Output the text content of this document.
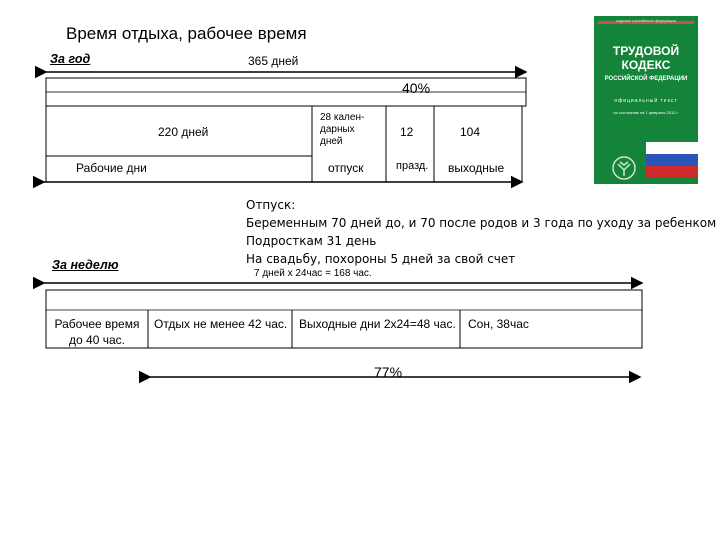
Время отдыха, рабочее время
За год	365 дней
40%
220 дней
Рабочие дни
28 кален-
дарных
дней
отпуск
12
празд.
104
выходные
Отпуск:
Беременным 70 дней до, и 70 после родов и 3 года по уходу за ребенком
Подросткам 31 день
На свадьбу, похороны 5 дней за свой счет
За неделю
7 дней х 24час = 168 час.
Рабочее время
до 40 час.
Отдых не менее 42 час. Выходные дни 2х24=48 час. Сон, 38час
77%
кодексы российской федерации
ТРУДОВОЙ
КОДЕКС
РОССИЙСКОЙ ФЕДЕРАЦИИ
официальный текст
по состоянию на 1 февраля 2012 г.
